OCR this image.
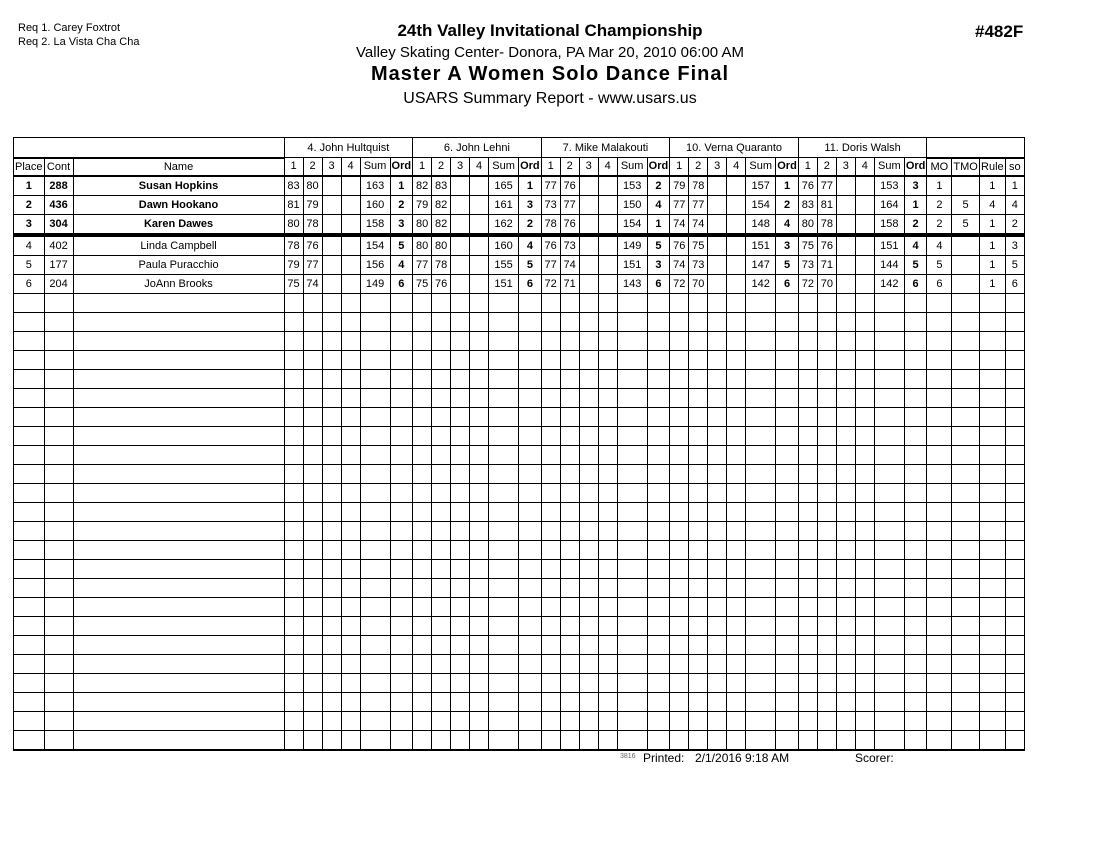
Req 1. Carey Foxtrot
Req 2. La Vista Cha Cha
#482F
24th Valley Invitational Championship
Valley Skating Center- Donora, PA Mar 20, 2010 06:00 AM
Master A Women Solo Dance Final
USARS Summary Report - www.usars.us
			4. John Hultquist						6. John Lehni						7. Mike Malakouti						10. Verna Quaranto						11. Doris Walsh									
Place	Cont	Name	1	2	3	4	Sum	Ord	1	2	3	4	Sum	Ord	1	2	3	4	Sum	Ord	1	2	3	4	Sum	Ord	1	2	3	4	Sum	Ord	MO	TMO	Rule	so
1	288	Susan Hopkins	83	80			163	1	82	83			165	1	77	76			153	2	79	78			157	1	76	77			153	3	1		1	1
2	436	Dawn Hookano	81	79			160	2	79	82			161	3	73	77			150	4	77	77			154	2	83	81			164	1	2	5	4	4
3	304	Karen Dawes	80	78			158	3	80	82			162	2	78	76			154	1	74	74			148	4	80	78			158	2	2	5	1	2
4	402	Linda Campbell	78	76			154	5	80	80			160	4	76	73			149	5	76	75			151	3	75	76			151	4	4		1	3
5	177	Paula Puracchio	79	77			156	4	77	78			155	5	77	74			151	3	74	73			147	5	73	71			144	5	5		1	5
6	204	JoAnn Brooks	75	74			149	6	75	76			151	6	72	71			143	6	72	70			142	6	72	70			142	6	6		1	6

3816 Printed: 2/1/2016 9:18 AM	Scorer:
